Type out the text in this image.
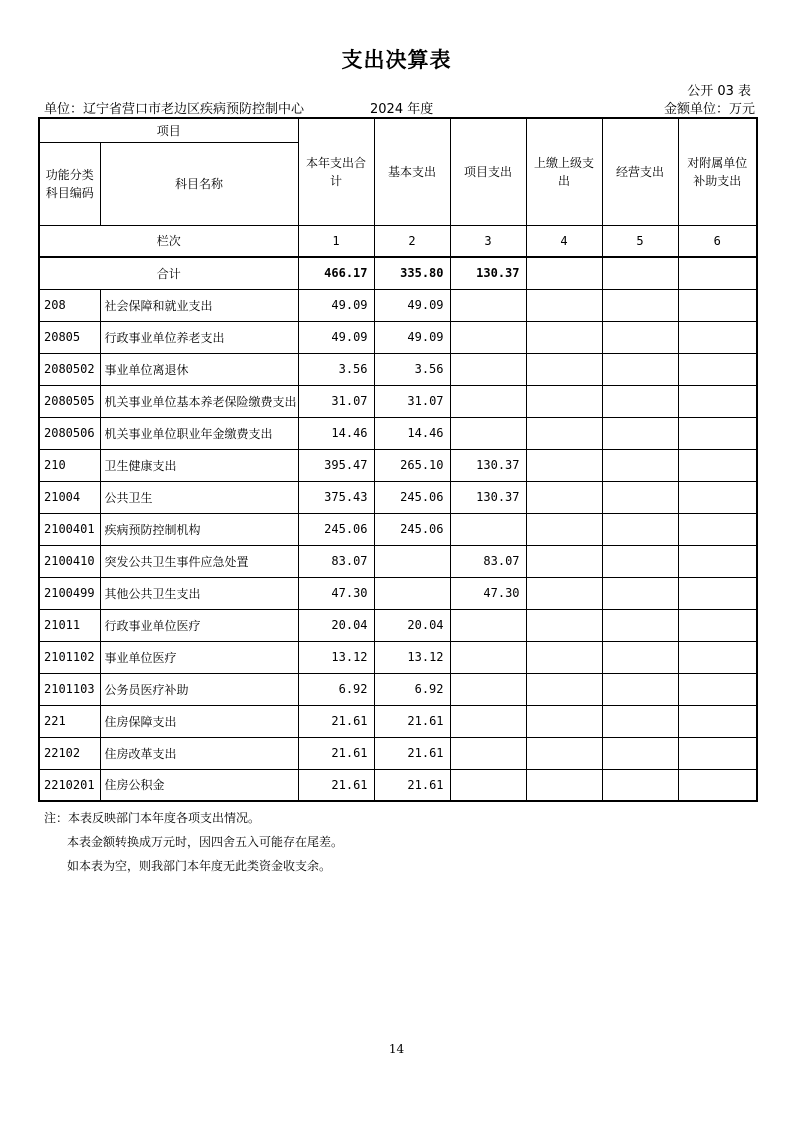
支出决算表
公开 03 表
单位：辽宁省营口市老边区疾病预防控制中心	2024 年度	金额单位：万元
项目		本年支出合计	基本支出	项目支出	上缴上级支出	经营支出	对附属单位补助支出
功能分类科目编码	科目名称						
栏次		1	2	3	4	5	6
合计		466.17	335.80	130.37			
208	社会保障和就业支出	49.09	49.09				
20805	行政事业单位养老支出	49.09	49.09				
2080502	事业单位离退休	3.56	3.56				
2080505	机关事业单位基本养老保险缴费支出	31.07	31.07				
2080506	机关事业单位职业年金缴费支出	14.46	14.46				
210	卫生健康支出	395.47	265.10	130.37			
21004	公共卫生	375.43	245.06	130.37			
2100401	疾病预防控制机构	245.06	245.06				
2100410	突发公共卫生事件应急处置	83.07		83.07			
2100499	其他公共卫生支出	47.30		47.30			
21011	行政事业单位医疗	20.04	20.04				
2101102	事业单位医疗	13.12	13.12				
2101103	公务员医疗补助	6.92	6.92				
221	住房保障支出	21.61	21.61				
22102	住房改革支出	21.61	21.61				
2210201	住房公积金	21.61	21.61				
注：本表反映部门本年度各项支出情况。
本表金额转换成万元时，因四舍五入可能存在尾差。
如本表为空，则我部门本年度无此类资金收支余。
14
